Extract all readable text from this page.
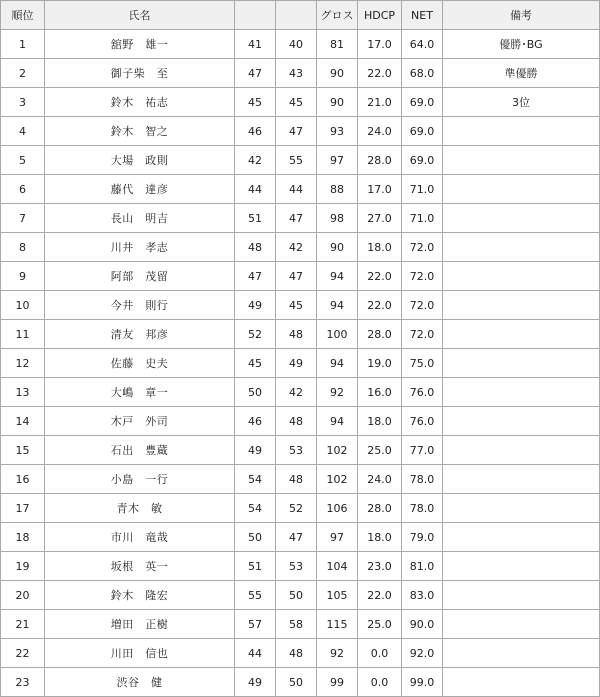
順位	氏名			グロス	HDCP	NET	備考
1	舘野　雄一	41	40	81	17.0	64.0	優勝･BG
2	御子柴　至	47	43	90	22.0	68.0	準優勝
3	鈴木　祐志	45	45	90	21.0	69.0	3位
4	鈴木　智之	46	47	93	24.0	69.0	
5	大場　政則	42	55	97	28.0	69.0	
6	藤代　達彦	44	44	88	17.0	71.0	
7	長山　明吉	51	47	98	27.0	71.0	
8	川井　孝志	48	42	90	18.0	72.0	
9	阿部　茂留	47	47	94	22.0	72.0	
10	今井　則行	49	45	94	22.0	72.0	
11	清友　邦彦	52	48	100	28.0	72.0	
12	佐藤　史夫	45	49	94	19.0	75.0	
13	大嶋　章一	50	42	92	16.0	76.0	
14	木戸　外司	46	48	94	18.0	76.0	
15	石出　豊蔵	49	53	102	25.0	77.0	
16	小島　一行	54	48	102	24.0	78.0	
17	青木　敏	54	52	106	28.0	78.0	
18	市川　竜哉	50	47	97	18.0	79.0	
19	坂根　英一	51	53	104	23.0	81.0	
20	鈴木　隆宏	55	50	105	22.0	83.0	
21	増田　正樹	57	58	115	25.0	90.0	
22	川田　信也	44	48	92	0.0	92.0	
23	渋谷　健	49	50	99	0.0	99.0	
